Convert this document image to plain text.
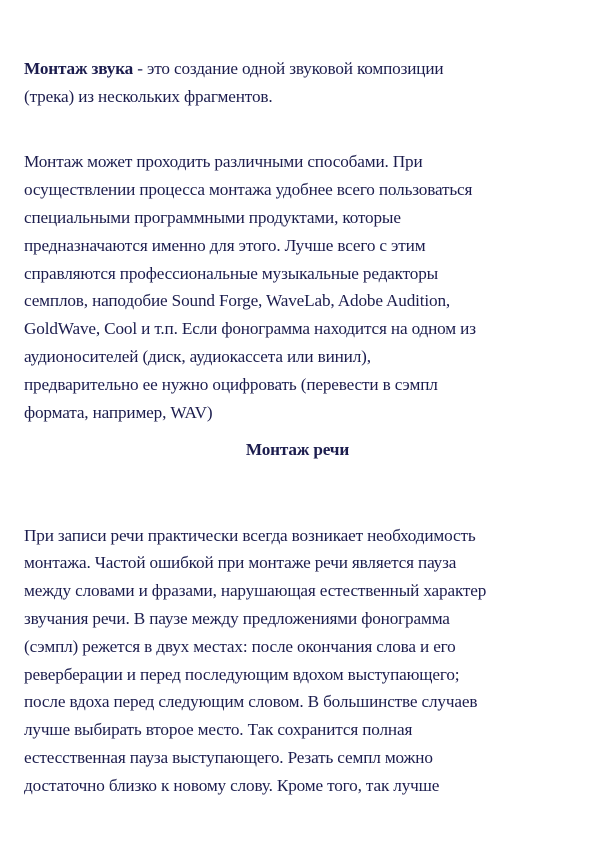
Монтаж звука - это создание одной звуковой композиции
(трека) из нескольких фрагментов.
Монтаж может проходить различными способами. При
осуществлении процесса монтажа удобнее всего пользоваться
специальными программными продуктами, которые
предназначаются именно для этого. Лучше всего с этим
справляются профессиональные музыкальные редакторы
семплов, наподобие Sound Forge, WaveLab, Adobe Audition,
GoldWave, Cool и т.п. Если фонограмма находится на одном из
аудионосителей (диск, аудиокассета или винил),
предварительно ее нужно оцифровать (перевести в сэмпл
формата, например, WAV)
Монтаж речи
При записи речи практически всегда возникает необходимость
монтажа. Частой ошибкой при монтаже речи является пауза
между словами и фразами, нарушающая естественный характер
звучания речи. В паузе между предложениями фонограмма
(сэмпл) режется в двух местах: после окончания слова и его
реверберации и перед последующим вдохом выступающего;
после вдоха перед следующим словом. В большинстве случаев
лучше выбирать второе место. Так сохранится полная
естесственная пауза выступающего. Резать семпл можно
достаточно близко к новому слову. Кроме того, так лучше
